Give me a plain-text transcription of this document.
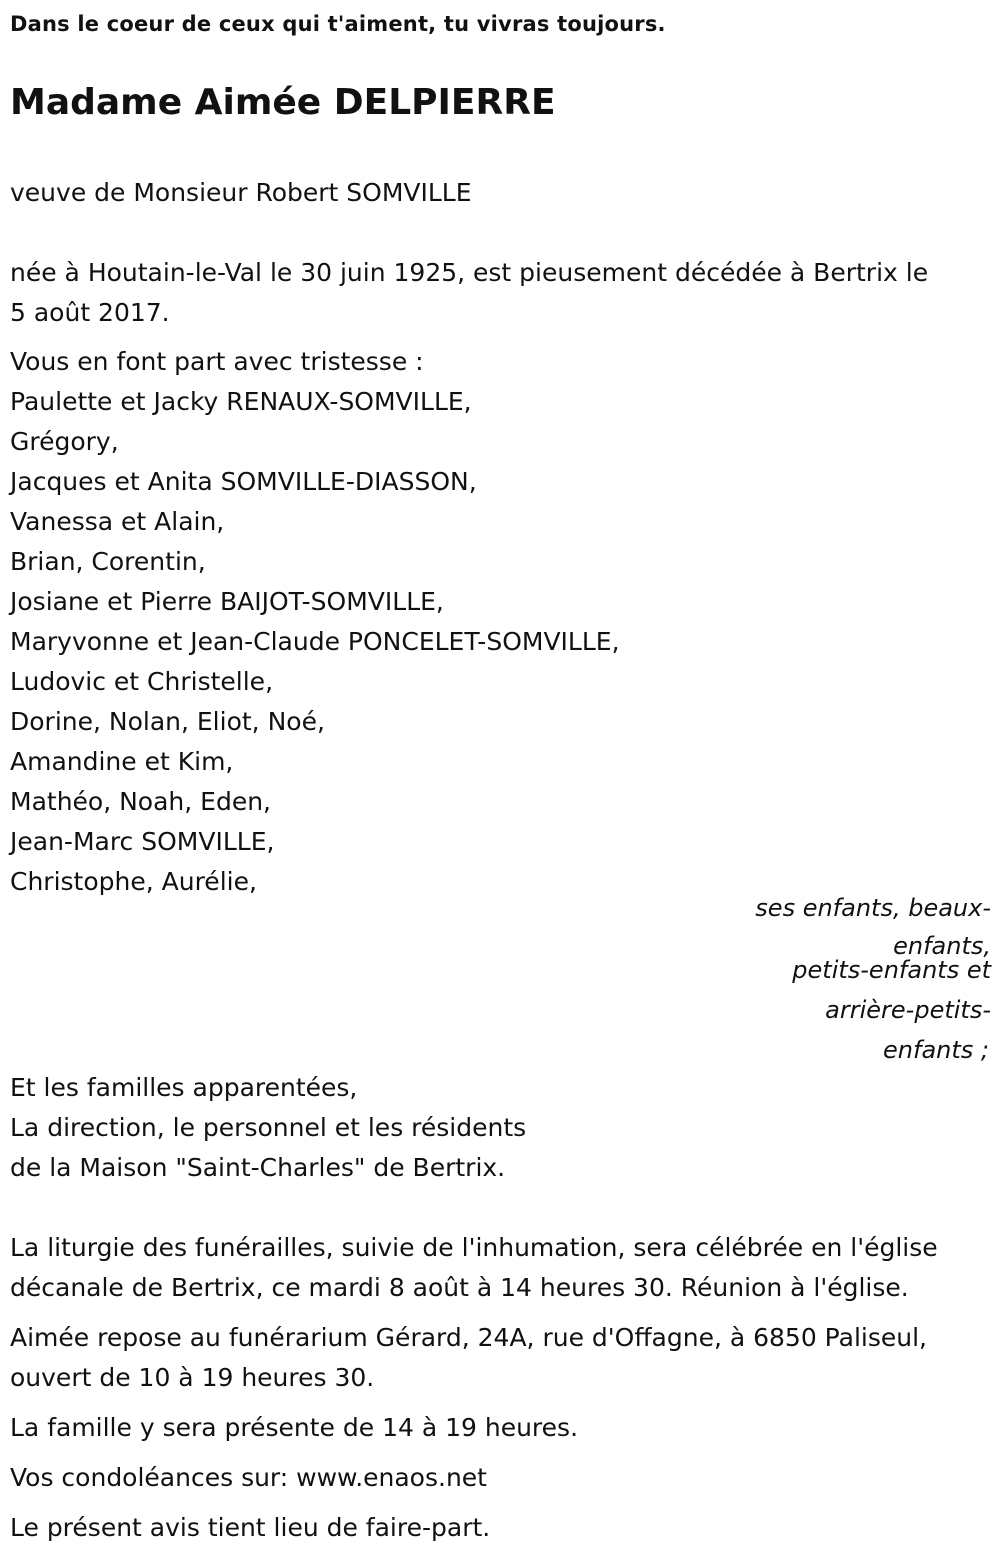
Dans le coeur de ceux qui t'aiment, tu vivras toujours.
Madame Aimée DELPIERRE
veuve de Monsieur Robert SOMVILLE
née à Houtain-le-Val le 30 juin 1925, est pieusement décédée à Bertrix le
5 août 2017.
Vous en font part avec tristesse :
Paulette et Jacky RENAUX-SOMVILLE,
Grégory,
Jacques et Anita SOMVILLE-DIASSON,
Vanessa et Alain,
Brian, Corentin,
Josiane et Pierre BAIJOT-SOMVILLE,
Maryvonne et Jean-Claude PONCELET-SOMVILLE,
Ludovic et Christelle,
Dorine, Nolan, Eliot, Noé,
Amandine et Kim,
Mathéo, Noah, Eden,
Jean-Marc SOMVILLE,
Christophe, Aurélie,
ses enfants, beaux-
enfants,
petits-enfants et
arrière-petits-
enfants ;
Et les familles apparentées,
La direction, le personnel et les résidents
de la Maison "Saint-Charles" de Bertrix.
La liturgie des funérailles, suivie de l'inhumation, sera célébrée en l'église
décanale de Bertrix, ce mardi 8 août à 14 heures 30. Réunion à l'église.
Aimée repose au funérarium Gérard, 24A, rue d'Offagne, à 6850 Paliseul,
ouvert de 10 à 19 heures 30.
La famille y sera présente de 14 à 19 heures.
Vos condoléances sur: www.enaos.net
Le présent avis tient lieu de faire-part.
